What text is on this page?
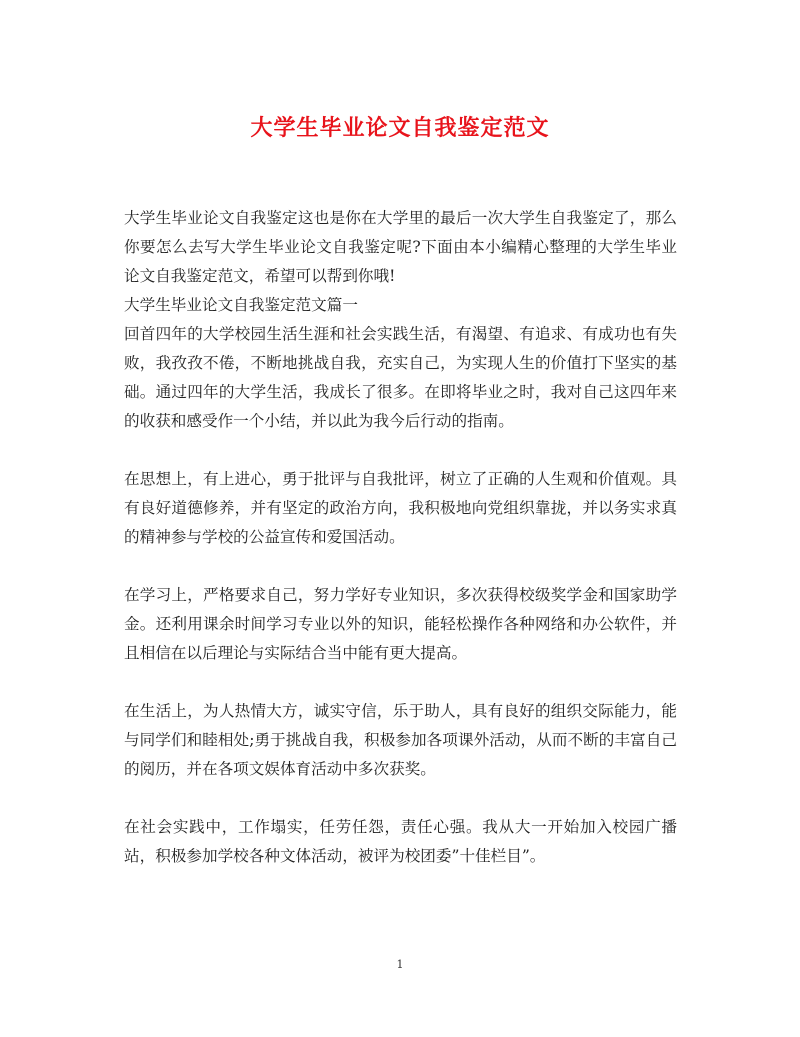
大学生毕业论文自我鉴定范文

大学生毕业论文自我鉴定这也是你在大学里的最后一次大学生自我鉴定了，那么你要怎么去写大学生毕业论文自我鉴定呢?下面由本小编精心整理的大学生毕业论文自我鉴定范文，希望可以帮到你哦!

大学生毕业论文自我鉴定范文篇一

回首四年的大学校园生活生涯和社会实践生活，有渴望、有追求、有成功也有失败，我孜孜不倦，不断地挑战自我，充实自己，为实现人生的价值打下坚实的基础。通过四年的大学生活，我成长了很多。在即将毕业之时，我对自己这四年来的收获和感受作一个小结，并以此为我今后行动的指南。

在思想上，有上进心，勇于批评与自我批评，树立了正确的人生观和价值观。具有良好道德修养，并有坚定的政治方向，我积极地向党组织靠拢，并以务实求真的精神参与学校的公益宣传和爱国活动。

在学习上，严格要求自己，努力学好专业知识，多次获得校级奖学金和国家助学金。还利用课余时间学习专业以外的知识，能轻松操作各种网络和办公软件，并且相信在以后理论与实际结合当中能有更大提高。

在生活上，为人热情大方，诚实守信，乐于助人，具有良好的组织交际能力，能与同学们和睦相处;勇于挑战自我，积极参加各项课外活动，从而不断的丰富自己的阅历，并在各项文娱体育活动中多次获奖。

在社会实践中，工作塌实，任劳任怨，责任心强。我从大一开始加入校园广播站，积极参加学校各种文体活动，被评为校团委”十佳栏目”。

1
